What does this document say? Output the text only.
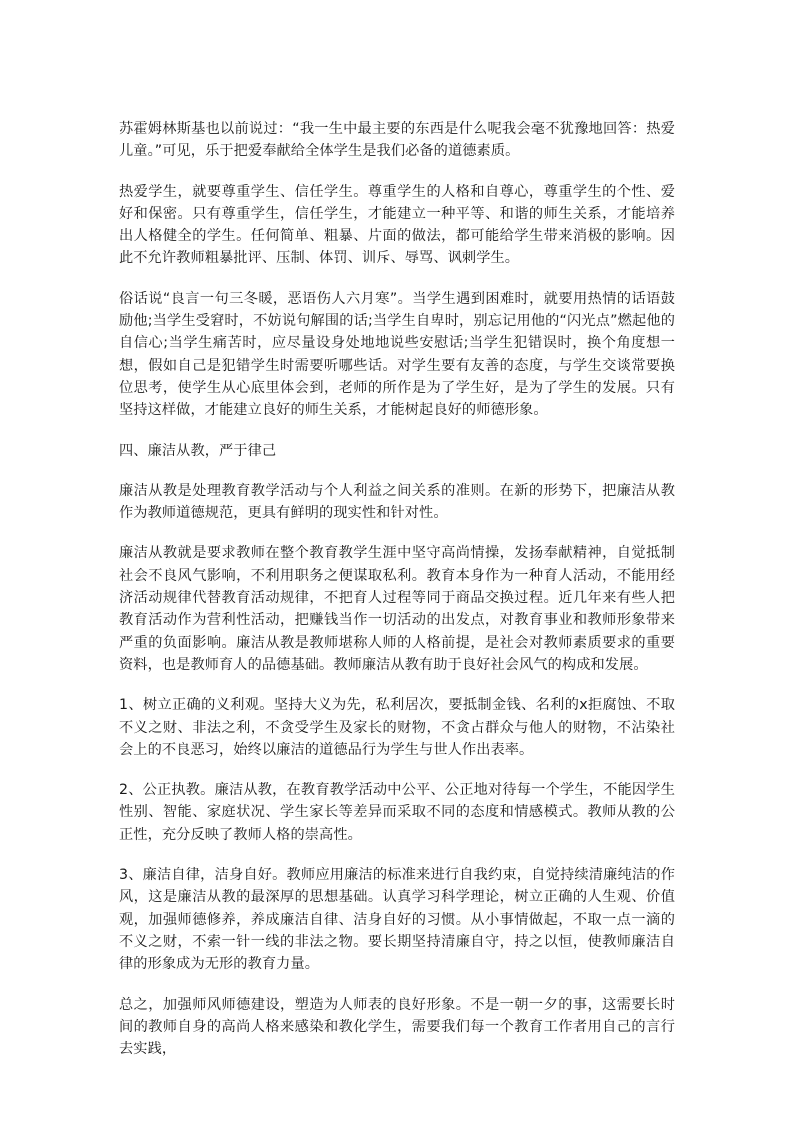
苏霍姆林斯基也以前说过：“我一生中最主要的东西是什么呢我会毫不犹豫地回答：热爱儿童。”可见，乐于把爱奉献给全体学生是我们必备的道德素质。

热爱学生，就要尊重学生、信任学生。尊重学生的人格和自尊心，尊重学生的个性、爱好和保密。只有尊重学生，信任学生，才能建立一种平等、和谐的师生关系，才能培养出人格健全的学生。任何简单、粗暴、片面的做法，都可能给学生带来消极的影响。因此不允许教师粗暴批评、压制、体罚、训斥、辱骂、讽刺学生。

俗话说“良言一句三冬暖，恶语伤人六月寒”。当学生遇到困难时，就要用热情的话语鼓励他;当学生受窘时，不妨说句解围的话;当学生自卑时，别忘记用他的“闪光点”燃起他的自信心;当学生痛苦时，应尽量设身处地地说些安慰话;当学生犯错误时，换个角度想一想，假如自己是犯错学生时需要听哪些话。对学生要有友善的态度，与学生交谈常要换位思考，使学生从心底里体会到，老师的所作是为了学生好，是为了学生的发展。只有坚持这样做，才能建立良好的师生关系，才能树起良好的师德形象。

四、廉洁从教，严于律己

廉洁从教是处理教育教学活动与个人利益之间关系的准则。在新的形势下，把廉洁从教作为教师道德规范，更具有鲜明的现实性和针对性。

廉洁从教就是要求教师在整个教育教学生涯中坚守高尚情操，发扬奉献精神，自觉抵制社会不良风气影响，不利用职务之便谋取私利。教育本身作为一种育人活动，不能用经济活动规律代替教育活动规律，不把育人过程等同于商品交换过程。近几年来有些人把教育活动作为营利性活动，把赚钱当作一切活动的出发点，对教育事业和教师形象带来严重的负面影响。廉洁从教是教师堪称人师的人格前提，是社会对教师素质要求的重要资料，也是教师育人的品德基础。教师廉洁从教有助于良好社会风气的构成和发展。

1、树立正确的义利观。坚持大义为先，私利居次，要抵制金钱、名利的x拒腐蚀、不取不义之财、非法之利，不贪受学生及家长的财物，不贪占群众与他人的财物，不沾染社会上的不良恶习，始终以廉洁的道德品行为学生与世人作出表率。

2、公正执教。廉洁从教，在教育教学活动中公平、公正地对待每一个学生，不能因学生性别、智能、家庭状况、学生家长等差异而采取不同的态度和情感模式。教师从教的公正性，充分反映了教师人格的崇高性。

3、廉洁自律，洁身自好。教师应用廉洁的标准来进行自我约束，自觉持续清廉纯洁的作风，这是廉洁从教的最深厚的思想基础。认真学习科学理论，树立正确的人生观、价值观，加强师德修养，养成廉洁自律、洁身自好的习惯。从小事情做起，不取一点一滴的不义之财，不索一针一线的非法之物。要长期坚持清廉自守，持之以恒，使教师廉洁自律的形象成为无形的教育力量。

总之，加强师风师德建设，塑造为人师表的良好形象。不是一朝一夕的事，这需要长时间的教师自身的高尚人格来感染和教化学生，需要我们每一个教育工作者用自己的言行去实践，
